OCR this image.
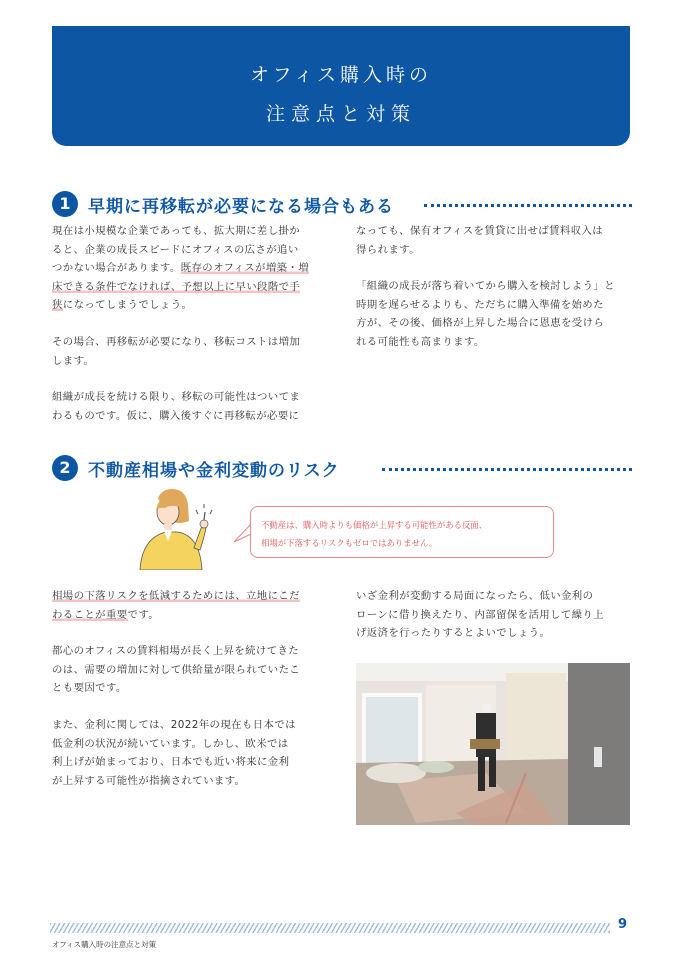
オフィス購入時の
注意点と対策
1	早期に再移転が必要になる場合もある

現在は小規模な企業であっても、拡大期に差し掛か
ると、企業の成長スピードにオフィスの広さが追い
つかない場合があります。既存のオフィスが増築・増
床できる条件でなければ、予想以上に早い段階で手
狭になってしまうでしょう。

その場合、再移転が必要になり、移転コストは増加
します。

組織が成長を続ける限り、移転の可能性はついてま
わるものです。仮に、購入後すぐに再移転が必要に

なっても、保有オフィスを賃貸に出せば賃料収入は
得られます。

「組織の成長が落ち着いてから購入を検討しよう」と
時期を遅らせるよりも、ただちに購入準備を始めた
方が、その後、価格が上昇した場合に恩恵を受けら
れる可能性も高まります。

2	不動産相場や金利変動のリスク
不動産は、購入時よりも価格が上昇する可能性がある反面、
相場が下落するリスクもゼロではありません。

相場の下落リスクを低減するためには、立地にこだ
わることが重要です。

都心のオフィスの賃料相場が長く上昇を続けてきた
のは、需要の増加に対して供給量が限られていたこ
とも要因です。

また、金利に関しては、2022年の現在も日本では
低金利の状況が続いています。しかし、欧米では
利上げが始まっており、日本でも近い将来に金利
が上昇する可能性が指摘されています。

いざ金利が変動する局面になったら、低い金利の
ローンに借り換えたり、内部留保を活用して繰り上
げ返済を行ったりするとよいでしょう。

9
オフィス購入時の注意点と対策
